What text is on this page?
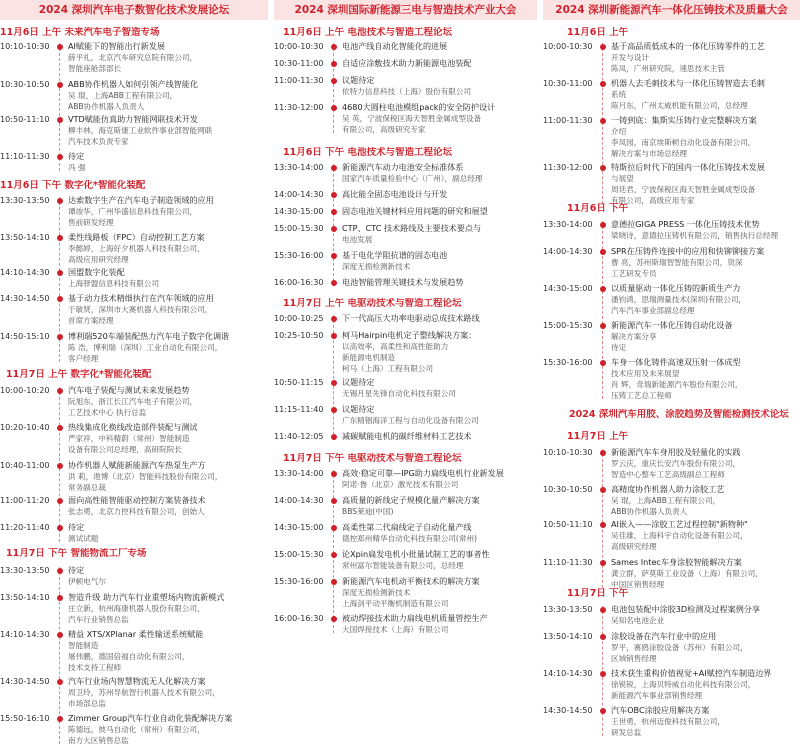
2024 深圳汽车电子数智化技术发展论坛
11月6日 上午 未来汽车电子智造专场
10:10-10:30	AI赋能下的智能出行新发展
薛平礼，北京汽车研究总院有限公司，
智能座舱部部长
10:30-10:50	ABB协作机器人如何引领产线智能化
吴 琨，上海ABB工程有限公司，
ABB协作机器人负责人
10:50-11:10	VTD赋能仿真助力智能网联技术开发
柳丰林，海克斯康工业软件事业部智能网联
汽车技术负责专家
11:10-11:30	待定
冯 强
11月6日 下午 数字化*智能化装配
13:30-13:50	达索数字生产在汽车电子制造领域的应用
谭竣华，广州华盛信息科技有限公司，
售前研发经理
13:50-14:10	柔性线路板（FPC）自动控制工艺方案
李懿婷，上海好夕机器人科技有限公司，
高级应用研究经理
14:10-14:30	国盟数字化装配
上海驿盟信息科技有限公司
14:30-14:50	基于动力技术精细执行在汽车领域的应用
于敏贤，深圳市大赛机器人科技有限公司，
首席方案经理
14:50-15:10	博利瑞520车端装配热力汽车电子数字化调谐
陈 浩，博利瑞（深圳）工业自动化有限公司，
客户经理
11月7日 上午 数字化*智能化装配
10:00-10:20	汽车电子装配与测试未来发展趋势
阮旭东，浙江长江汽车电子有限公司，
工艺技术中心 执行总监
10:20-10:40	热线集成化换线改造部件装配与测试
严家祥，中科精蔚（常州）智能制造
设备有限公司总经理，高研院院长
10:40-11:00	协作机器人赋能新能源汽车热泵生产方
洪 莉，遨博（北京）智能科技股份有限公司，
常务副总裁
11:00-11:20	面向高性能智能驱动控制方案装备技术
张志勇，北京力控科技有限公司，创始人
11:20-11:40	待定
测试试题
11月7日 下午 智能物流工厂专场
13:30-13:50	待定
伊顿电气尔
13:50-14:10	智造升级 助力汽车行业重塑场内物流新模式
庄立新，杭州海康机器人股份有限公司，
汽车行业销售总监
14:10-14:30	精益 XTS/XPlanar 柔性输送系统赋能
智能制造
屠伟鹏，德国倍福自动化有限公司，
技术支持工程师
14:30-14:50	汽车行业场内智慧物流无人化解决方案
周卫玲，苏州导航智行机器人技术有限公司，
市场部总监
15:50-16:10	Zimmer Group汽车行业自动化装配解决方案
陈德远，彼马自动化（常州）有限公司，
南方大区销售总监
2024 深圳国际新能源三电与智造技术产业大会
11月6日 上午 电池技术与智造工程论坛
10:00-10:30	电池产线自动化智能化的进展
10:30-11:00	自适应涂敷技术助力新能源电池装配
11:00-11:30	议题待定
依特力信息科技（上海）股份有限公司
11:30-12:00	4680大圆柱电池模组pack的安全防护设计
吴 英，宁波保税区海天智胜金属成型设备
有限公司，高级研究专家
11月6日 下午 电池技术与智造工程论坛
13:30-14:00	新能源汽车动力电池安全标准体系
国家汽车质量检验中心（广州），副总经理
14:00-14:30	高比能全固态电池设计与开发
14:30-15:00	固态电池关键材料应用问题的研究和展望
15:00-15:30	CTP、CTC 技术路线及主要技术要点与
电池发展
15:30-16:00	基于电化学阻抗谱的固态电池
深度无损检测新技术
16:00-16:30	电池智能管理关键技术与发展趋势
11月7日 上午 电驱动技术与智造工程论坛
10:00-10:25	下一代高压大功率电驱动总成技术路线
10:25-10:50	柯马Hairpin电机定子整线解决方案：
以高效率，高柔性和高性能助力
新能源电机制造
柯马（上海）工程有限公司
10:50-11:15	议题待定
无锡月星先锋自动化科技有限公司
11:15-11:40	议题待定
广东精铟海洋工程与自动化设备有限公司
11:40-12:05	减碳赋能电机的碳纤维材料工艺技术
11月7日 下午 电驱动技术与智造工程论坛
13:30-14:00	高效·稳定可靠—IPG助力扁线电机行业新发展
阿诺·鲁（北京）激光技术有限公司
14:00-14:30	高质量的新线定子规模化量产解决方案
BBS莱迪(中国)
14:30-15:00	高柔性第二代扁线定子自动化量产线
德控郑州精华自动化科技有限公司(常州)
15:00-15:30	论Xpin扁发电机小批量试制工艺的事者性
常州富尔智能装备有限公司，总经理
15:30-16:00	新能源汽车电机动平衡技术的解决方案
深度无损检测新技术
上海剑平动平衡机制造有限公司
16:00-16:30	被动焊接技术助力扁线电机质量管控生产
大国焊接技术（上海）有限公司
2024 深圳新能源汽车一体化压铸技术及质量大会
11月6日 上午
10:00-10:30	基于高品质低成本的一体化压铸零件的工艺
开发与设计
陈凤，广州研究院，速思技术主管
10:30-11:00	机器人去毛刺技术与一体化压铸智造去毛刺
系统
陈月东，广州太威机能有限公司，总经理
11:00-11:30	一铸到底：集斯实压铸行业完整解决方案
介绍
李凤园，南京埃斯顿自动化设备有限公司，
解决方案与市场总经理
11:30-12:00	特斯拉后时代下的国内一体化压铸技术发展
与展望
周廷君，宁波保税区海天智胜金属成型设备
有限公司，高级应用专家
11月6日 下午
13:30-14:00	意德拉GIGA PRESS 一体化压铸技术优势
梁晓诗，意德拉压铸机有限公司，销售执行总经理
14:00-14:30	SPR在压铸件连接中的应用和快铆铆接方案
曹 亮，苏州斯瑞智智能有限公司，资深
工艺研发专员
14:30-15:00	以质量驱动一体化压铸的新质生产力
潘钧鸿，思瑞测量技术(深圳)有限公司，
汽车汽车事业部副总经理
15:00-15:30	新能源汽车一体化压铸自动化设备
解决方案分享
待定
15:30-16:00	车身一体化铸件高速双压射一体成型
技术应用及未来展望
肖 辉，奇瑞新能源汽车股份有限公司，
压铸工艺总工程师
2024 深圳汽车用胶、涂胶趋势及智能检测技术论坛
11月7日 上午
10:10-10:30	新能源汽车车身用胶及轻量化的实践
罗云庆，重庆长安汽车股份有限公司，
智造中心整车工艺高级副总工程师
10:30-10:50	高精度协作机器人助力涂胶工艺
吴 琨，上海ABB工程有限公司，
ABB协作机器人负责人
10:50-11:10	AI嵌入——涂胶工艺过程控制"新物种"
吴佳雄，上海科宇自动化设备有限公司，
高级研究经理
11:10-11:30	Sames Intec车身涂胶智能解决方案
龚立群，萨莫斯工业设备（上海）有限公司，
中国区销售经理
11月7日 下午
13:30-13:50	电池包装配中涂胶3D检测及过程案例分享
吴知名电池企业
13:50-14:10	涂胶设备在汽车行业中的应用
罗平，赛鸥涂胶设备（苏州）有限公司，
区域销售经理
14:10-14:30	技术获生重构价值视觉+AI赋控汽车制造边界
徐锐锐，上海贝特威自动化科技有限公司，
新能源汽车事业部销售经理
14:30-14:50	汽车OBC涂胶应用解决方案
王世勇，杭州迈俊科技有限公司，
研发总监
